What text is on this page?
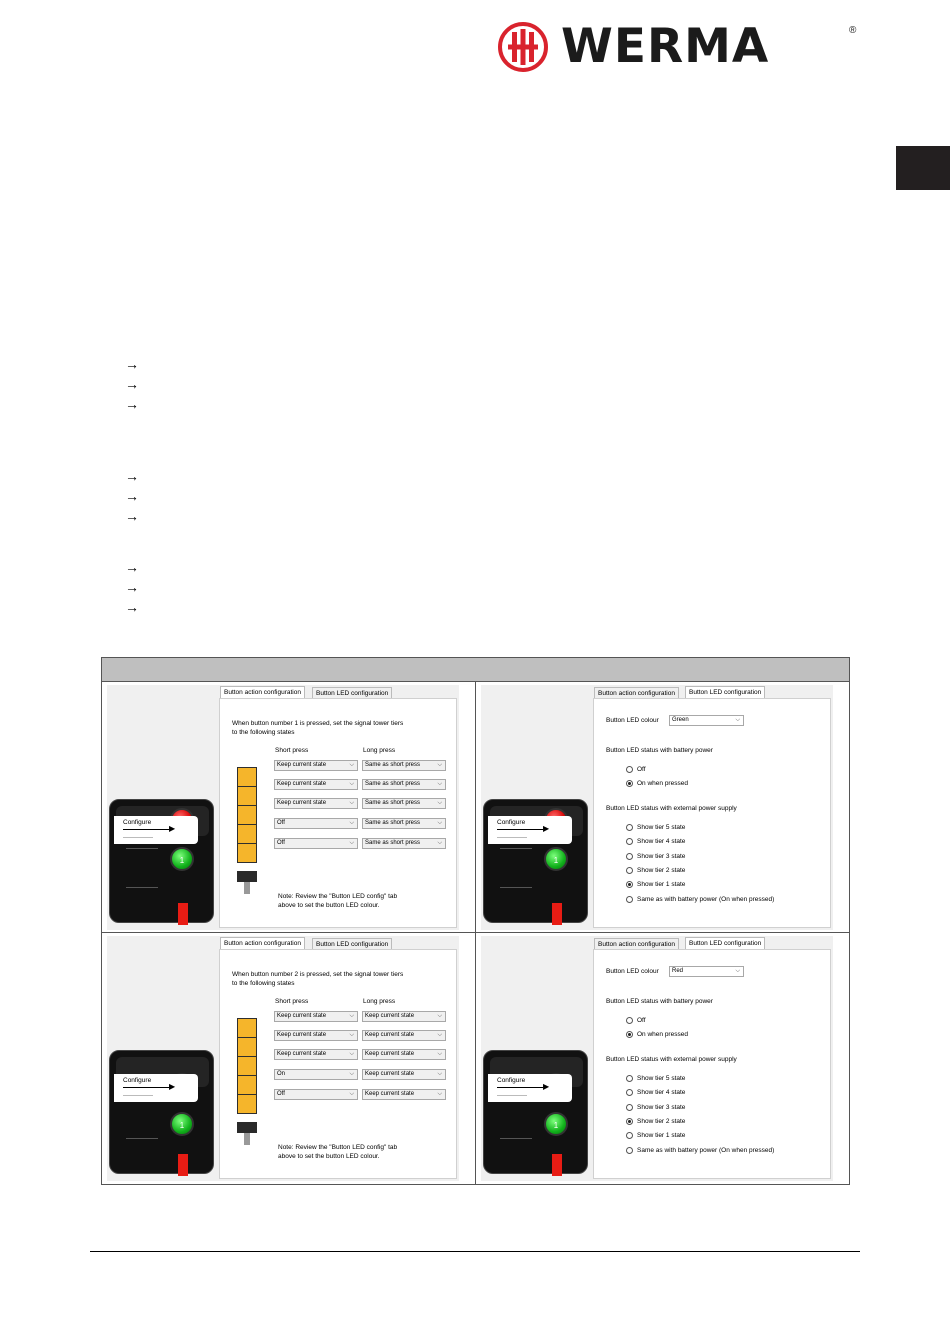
WERMA	®
→
→
→
→
→
→
→
→
→
1
Configure
▶
Button action configuration	Button LED configuration
When button number 1 is pressed, set the signal tower tiers
to the following states
Short press	Long press
Keep current state	⌵	Same as short press	⌵
Keep current state	⌵	Same as short press	⌵
Keep current state	⌵	Same as short press	⌵
Off	⌵	Same as short press	⌵
Off	⌵	Same as short press	⌵
Note: Review the "Button LED config" tab
above to set the button LED colour.
1
Configure
▶
Button action configuration	Button LED configuration
Button LED colour	Green	⌵
Button LED status with battery power
Off
On when pressed
Button LED status with external power supply
Show tier 5 state
Show tier 4 state
Show tier 3 state
Show tier 2 state
Show tier 1 state
Same as with battery power (On when pressed)
1
Configure
▶
Button action configuration	Button LED configuration
When button number 2 is pressed, set the signal tower tiers
to the following states
Short press	Long press
Keep current state	⌵	Keep current state	⌵
Keep current state	⌵	Keep current state	⌵
Keep current state	⌵	Keep current state	⌵
On	⌵	Keep current state	⌵
Off	⌵	Keep current state	⌵
Note: Review the "Button LED config" tab
above to set the button LED colour.
1
Configure
▶
Button action configuration	Button LED configuration
Button LED colour	Red	⌵
Button LED status with battery power
Off
On when pressed
Button LED status with external power supply
Show tier 5 state
Show tier 4 state
Show tier 3 state
Show tier 2 state
Show tier 1 state
Same as with battery power (On when pressed)
